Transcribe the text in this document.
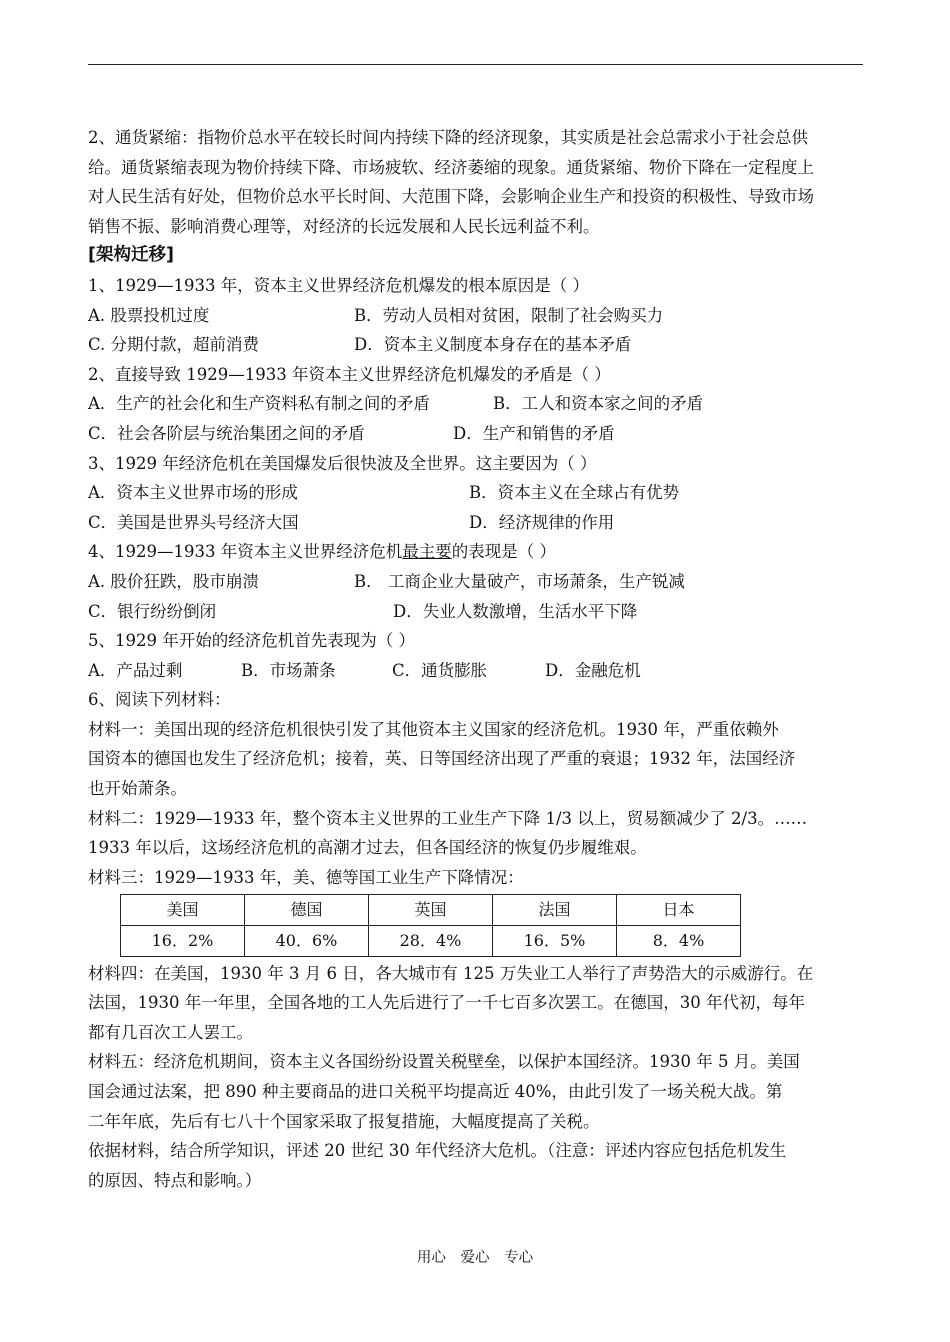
2、通货紧缩：指物价总水平在较长时间内持续下降的经济现象，其实质是社会总需求小于社会总供
给。通货紧缩表现为物价持续下降、市场疲软、经济萎缩的现象。通货紧缩、物价下降在一定程度上
对人民生活有好处，但物价总水平长时间、大范围下降，会影响企业生产和投资的积极性、导致市场
销售不振、影响消费心理等，对经济的长远发展和人民长远利益不利。
[架构迁移]
1、1929—1933 年，资本主义世界经济危机爆发的根本原因是（ ）
A. 股票投机过度	B．劳动人员相对贫困，限制了社会购买力
C. 分期付款，超前消费	D．资本主义制度本身存在的基本矛盾
2、直接导致 1929—1933 年资本主义世界经济危机爆发的矛盾是（ ）
A．生产的社会化和生产资料私有制之间的矛盾	B．工人和资本家之间的矛盾
C．社会各阶层与统治集团之间的矛盾	D．生产和销售的矛盾
3、1929 年经济危机在美国爆发后很快波及全世界。这主要因为（ ）
A．资本主义世界市场的形成	B．资本主义在全球占有优势
C．美国是世界头号经济大国	D．经济规律的作用
4、1929—1933 年资本主义世界经济危机最主要的表现是（ ）
A. 股价狂跌，股市崩溃	B． 工商企业大量破产，市场萧条，生产锐减
C．银行纷纷倒闭	D．失业人数激增，生活水平下降
5、1929 年开始的经济危机首先表现为（ ）
A．产品过剩	B．市场萧条	C．通货膨胀	D．金融危机
6、阅读下列材料：
材料一：美国出现的经济危机很快引发了其他资本主义国家的经济危机。1930 年，严重依赖外
国资本的德国也发生了经济危机；接着，英、日等国经济出现了严重的衰退；1932 年，法国经济
也开始萧条。
材料二：1929—1933 年，整个资本主义世界的工业生产下降 1/3 以上，贸易额减少了 2/3。……
1933 年以后，这场经济危机的高潮才过去，但各国经济的恢复仍步履维艰。
材料三：1929—1933 年，美、德等国工业生产下降情况：
美国	德国	英国	法国	日本
16．2%	40．6%	28．4%	16．5%	8．4%
材料四：在美国，1930 年 3 月 6 日，各大城市有 125 万失业工人举行了声势浩大的示威游行。在
法国，1930 年一年里，全国各地的工人先后进行了一千七百多次罢工。在德国，30 年代初，每年
都有几百次工人罢工。
材料五：经济危机期间，资本主义各国纷纷设置关税壁垒，以保护本国经济。1930 年 5 月。美国
国会通过法案，把 890 种主要商品的进口关税平均提高近 40%，由此引发了一场关税大战。第
二年年底，先后有七八十个国家采取了报复措施，大幅度提高了关税。
依据材料，结合所学知识，评述 20 世纪 30 年代经济大危机。（注意：评述内容应包括危机发生
的原因、特点和影响。）
用心 爱心 专心
